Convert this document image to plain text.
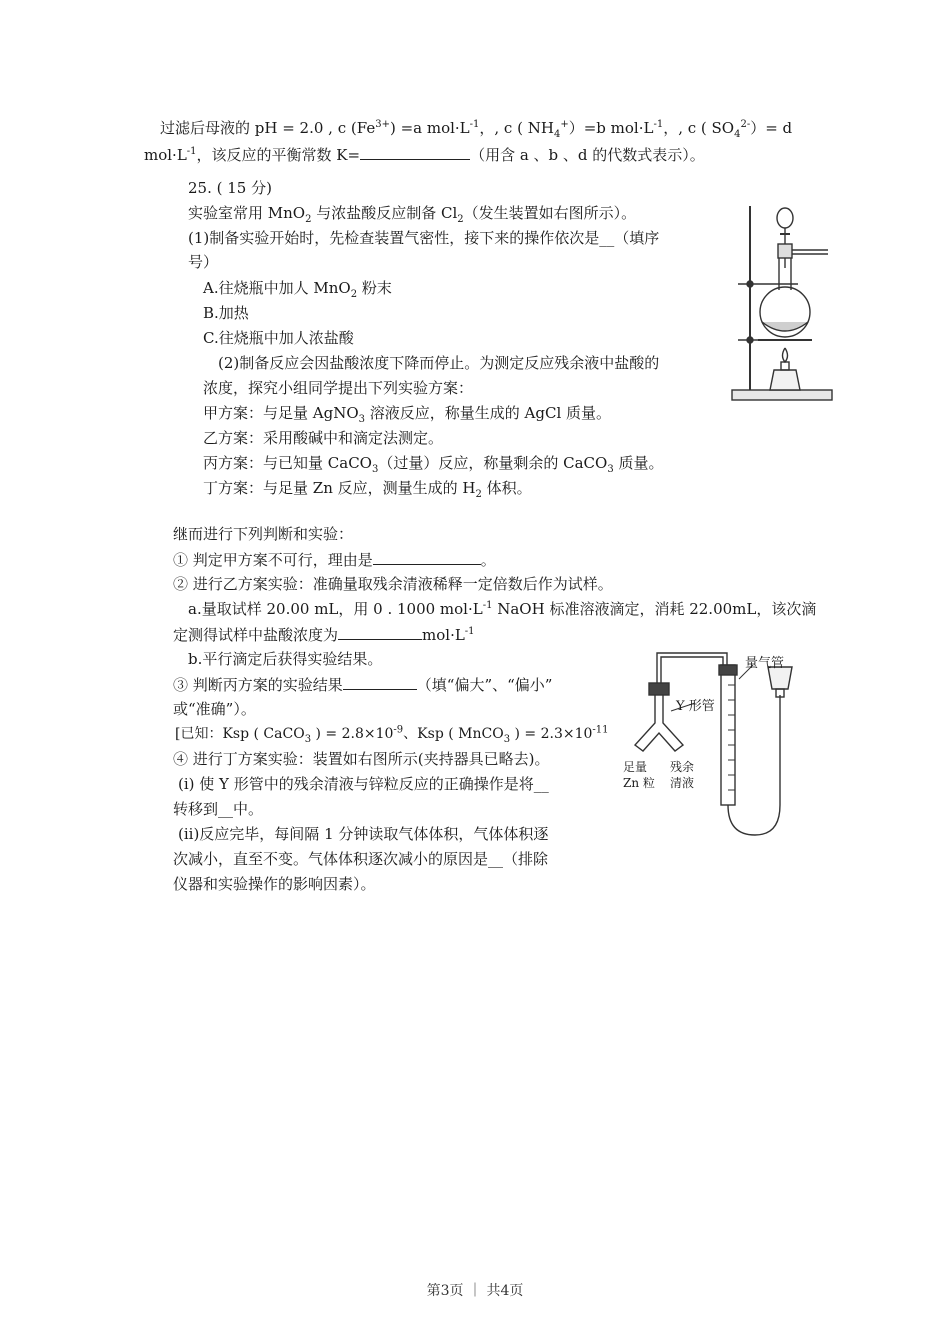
过滤后母液的 pH = 2.0 , c $(Fe^{3+}) =a$ $mol\cdot L^{-1}$，, c ( $NH_4^+)=b$ $mol\cdot L^{-1}$，, c ( $SO_4^{2-})= d$
$mol\cdot L^{-1}$，该反应的平衡常数 K=	（用含 a 、b 、d 的代数式表示）。
25. ( 15 分)
实验室常用 MnO$_2$ 与浓盐酸反应制备 $Cl_2$（发生装置如右图所示）。
(1)制备实验开始时，先检查装置气密性，接下来的操作依次是__（填序
号）
A.往烧瓶中加人 MnO$_2$ 粉末
B.加热
C.往烧瓶中加人浓盐酸
(2)制备反应会因盐酸浓度下降而停止。为测定反应残余液中盐酸的
浓度，探究小组同学提出下列实验方案：
甲方案：与足量 AgNO$_3$ 溶液反应，称量生成的 AgCl 质量。
乙方案：采用酸碱中和滴定法测定。
丙方案：与已知量 CaCO$_3$（过量）反应，称量剩余的 CaCO$_3$ 质量。
丁方案：与足量 Zn 反应，测量生成的 $H_2$ 体积。
继而进行下列判断和实验：
① 判定甲方案不可行，理由是	。
② 进行乙方案实验：准确量取残余清液稀释一定倍数后作为试样。
a.量取试样 20.00 mL，用 0 . 1000 $mol\cdot L^{-1}$ NaOH 标准溶液滴定，消耗 22.00mL，该次滴
定测得试样中盐酸浓度为	$mol\cdot L^{-1}$
b.平行滴定后获得实验结果。
③ 判断丙方案的实验结果	（填“偏大”、“偏小”
或“准确”）。
[已知：Ksp ( CaCO$_3$ ) = $2.8\times 10^{-9}$、Ksp ( MnCO$_3$ ) = $2.3\times 10^{-11}$
④ 进行丁方案实验：装置如右图所示(夹持器具已略去)。
(i) 使 Y 形管中的残余清液与锌粒反应的正确操作是将__
转移到__中。
(ii)反应完毕，每间隔 1 分钟读取气体体积，气体体积逐
次减小，直至不变。气体体积逐次减小的原因是__（排除
仪器和实验操作的影响因素）。
量气管
Y 形管
足量
Zn 粒
残余
清液
第3页 ｜ 共4页
